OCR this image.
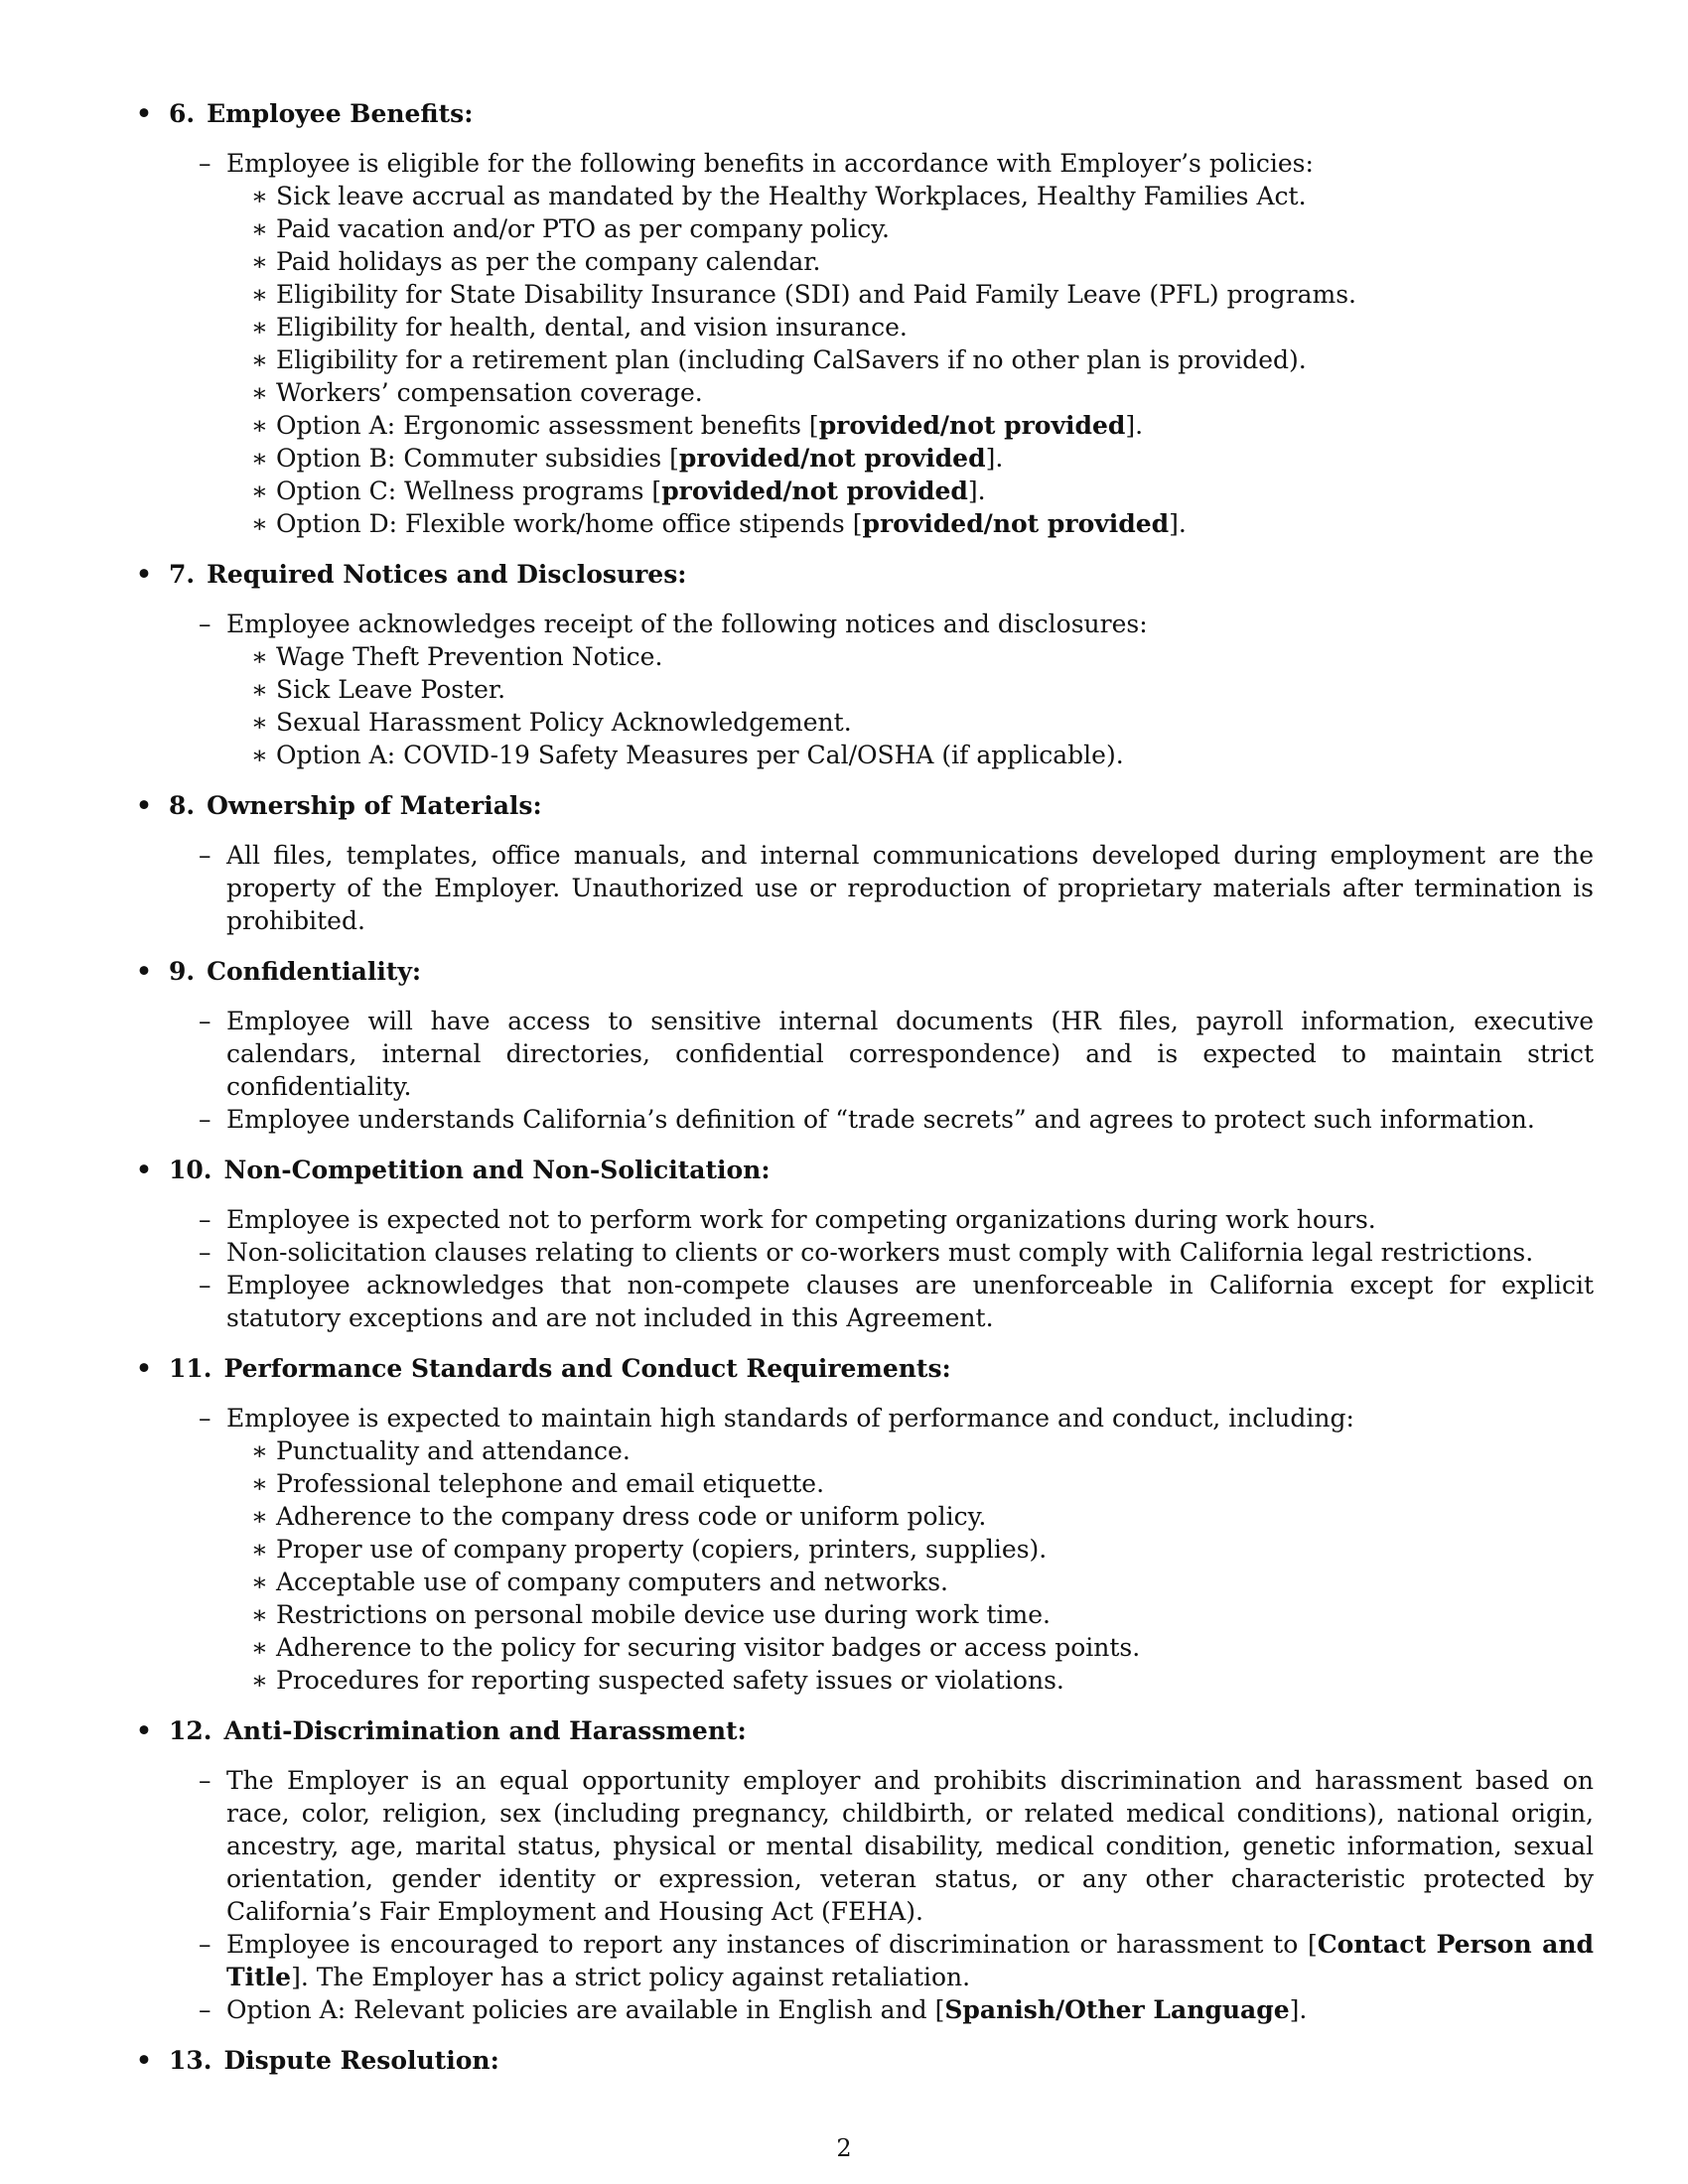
• 6. Employee Benefits:
– Employee is eligible for the following benefits in accordance with Employer’s policies:
∗ Sick leave accrual as mandated by the Healthy Workplaces, Healthy Families Act.
∗ Paid vacation and/or PTO as per company policy.
∗ Paid holidays as per the company calendar.
∗ Eligibility for State Disability Insurance (SDI) and Paid Family Leave (PFL) programs.
∗ Eligibility for health, dental, and vision insurance.
∗ Eligibility for a retirement plan (including CalSavers if no other plan is provided).
∗ Workers’ compensation coverage.
∗ Option A: Ergonomic assessment benefits [provided/not provided].
∗ Option B: Commuter subsidies [provided/not provided].
∗ Option C: Wellness programs [provided/not provided].
∗ Option D: Flexible work/home office stipends [provided/not provided].
• 7. Required Notices and Disclosures:
– Employee acknowledges receipt of the following notices and disclosures:
∗ Wage Theft Prevention Notice.
∗ Sick Leave Poster.
∗ Sexual Harassment Policy Acknowledgement.
∗ Option A: COVID-19 Safety Measures per Cal/OSHA (if applicable).
• 8. Ownership of Materials:
– All files, templates, office manuals, and internal communications developed during employment are the property of the Employer. Unauthorized use or reproduction of proprietary materials after termination is prohibited.
• 9. Confidentiality:
– Employee will have access to sensitive internal documents (HR files, payroll information, executive calendars, internal directories, confidential correspondence) and is expected to maintain strict confidentiality.
– Employee understands California’s definition of “trade secrets” and agrees to protect such information.
• 10. Non-Competition and Non-Solicitation:
– Employee is expected not to perform work for competing organizations during work hours.
– Non-solicitation clauses relating to clients or co-workers must comply with California legal restrictions.
– Employee acknowledges that non-compete clauses are unenforceable in California except for explicit statutory exceptions and are not included in this Agreement.
• 11. Performance Standards and Conduct Requirements:
– Employee is expected to maintain high standards of performance and conduct, including:
∗ Punctuality and attendance.
∗ Professional telephone and email etiquette.
∗ Adherence to the company dress code or uniform policy.
∗ Proper use of company property (copiers, printers, supplies).
∗ Acceptable use of company computers and networks.
∗ Restrictions on personal mobile device use during work time.
∗ Adherence to the policy for securing visitor badges or access points.
∗ Procedures for reporting suspected safety issues or violations.
• 12. Anti-Discrimination and Harassment:
– The Employer is an equal opportunity employer and prohibits discrimination and harassment based on race, color, religion, sex (including pregnancy, childbirth, or related medical conditions), national origin, ancestry, age, marital status, physical or mental disability, medical condition, genetic information, sexual orientation, gender identity or expression, veteran status, or any other characteristic protected by California’s Fair Employment and Housing Act (FEHA).
– Employee is encouraged to report any instances of discrimination or harassment to [Contact Person and Title]. The Employer has a strict policy against retaliation.
– Option A: Relevant policies are available in English and [Spanish/Other Language].
• 13. Dispute Resolution:
2
